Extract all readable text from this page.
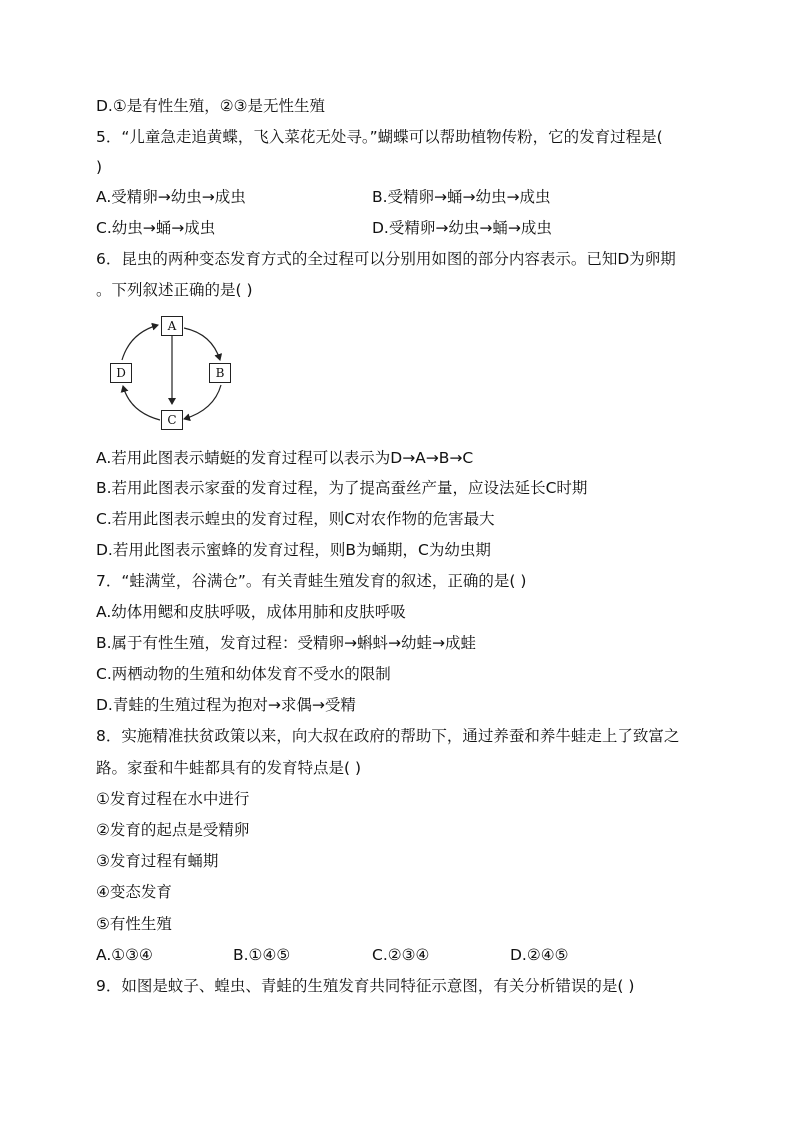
D.①是有性生殖，②③是无性生殖
5．“儿童急走追黄蝶，飞入菜花无处寻。”蝴蝶可以帮助植物传粉，它的发育过程是(
)
A.受精卵→幼虫→成虫	B.受精卵→蛹→幼虫→成虫
C.幼虫→蛹→成虫	D.受精卵→幼虫→蛹→成虫
6．昆虫的两种变态发育方式的全过程可以分别用如图的部分内容表示。已知D为卵期
。下列叙述正确的是( )
A
B
C
D
A.若用此图表示蜻蜓的发育过程可以表示为D→A→B→C
B.若用此图表示家蚕的发育过程，为了提高蚕丝产量，应设法延长C时期
C.若用此图表示蝗虫的发育过程，则C对农作物的危害最大
D.若用此图表示蜜蜂的发育过程，则B为蛹期，C为幼虫期
7．“蛙满堂，谷满仓”。有关青蛙生殖发育的叙述，正确的是( )
A.幼体用鳃和皮肤呼吸，成体用肺和皮肤呼吸
B.属于有性生殖，发育过程：受精卵→蝌蚪→幼蛙→成蛙
C.两栖动物的生殖和幼体发育不受水的限制
D.青蛙的生殖过程为抱对→求偶→受精
8．实施精准扶贫政策以来，向大叔在政府的帮助下，通过养蚕和养牛蛙走上了致富之
路。家蚕和牛蛙都具有的发育特点是( )
①发育过程在水中进行
②发育的起点是受精卵
③发育过程有蛹期
④变态发育
⑤有性生殖
A.①③④	B.①④⑤	C.②③④	D.②④⑤
9．如图是蚊子、蝗虫、青蛙的生殖发育共同特征示意图，有关分析错误的是( )
